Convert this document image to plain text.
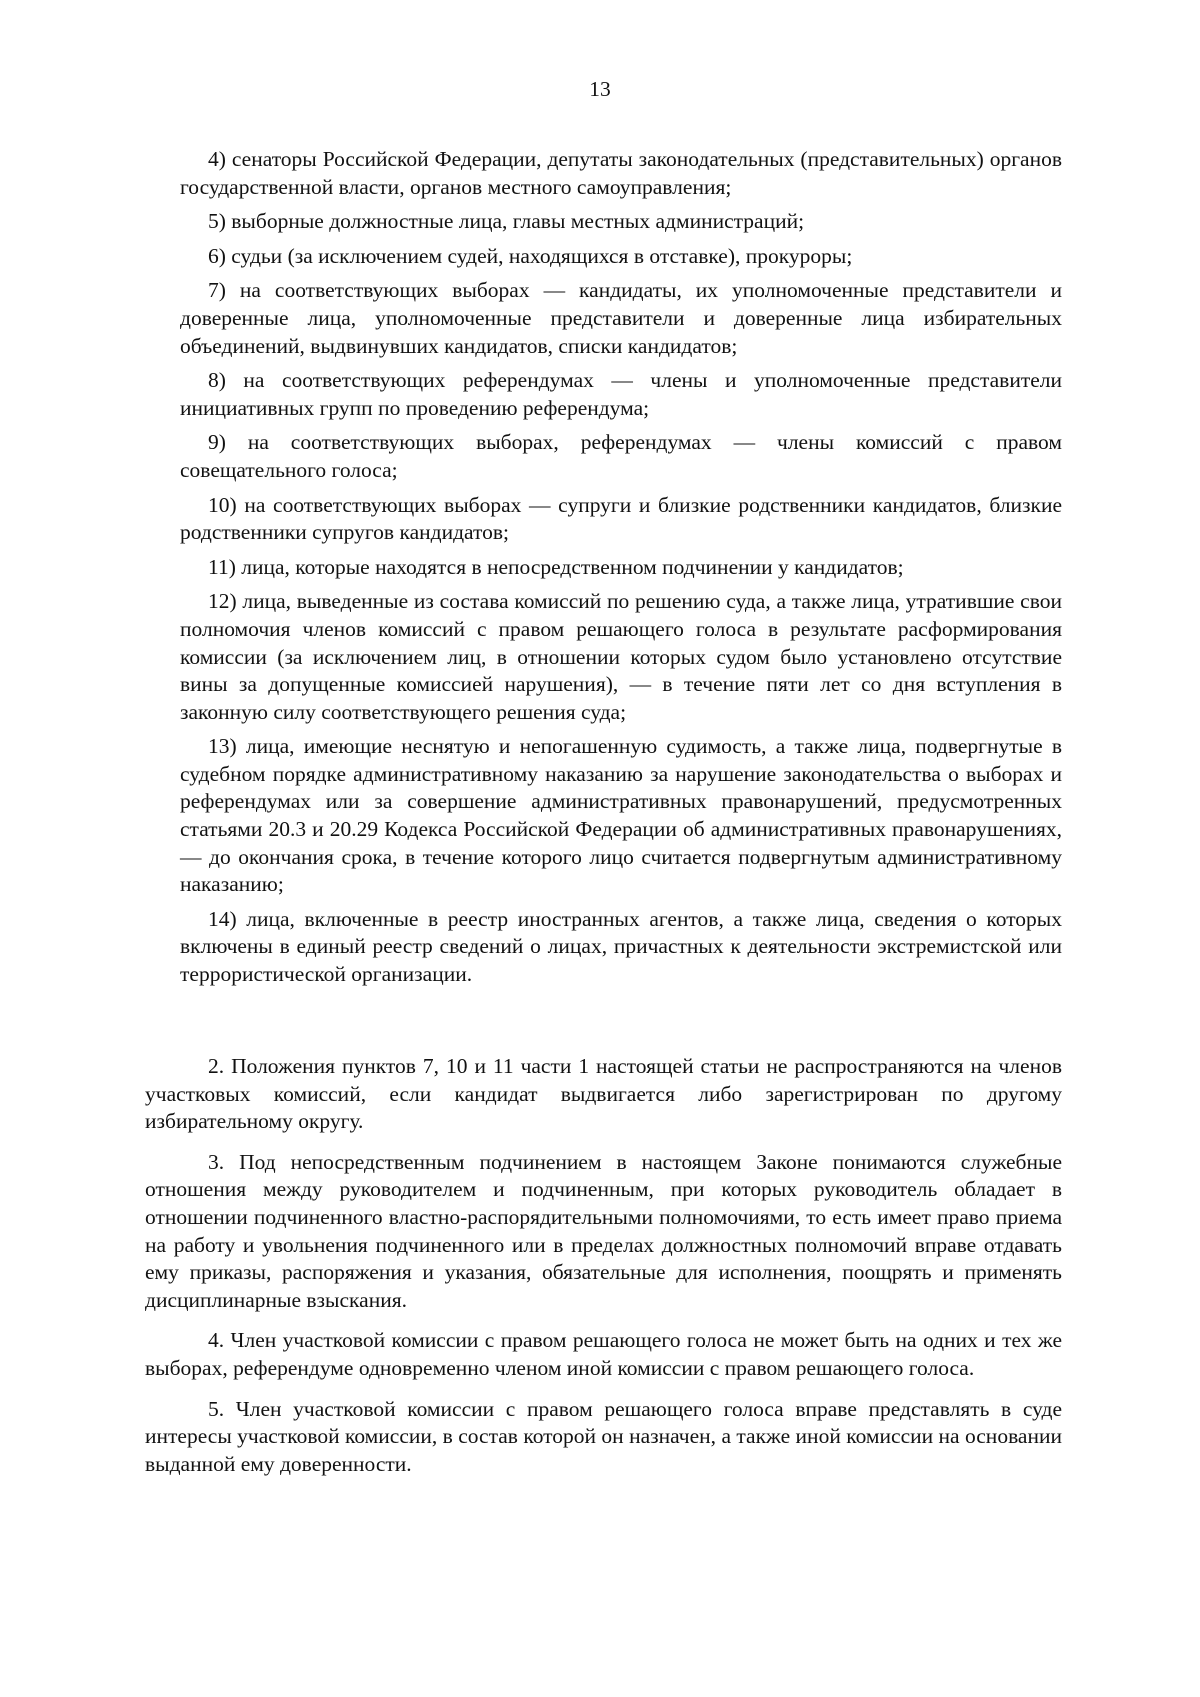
13

4) сенаторы Российской Федерации, депутаты законодательных (представительных) органов государственной власти, органов местного самоуправления;

5) выборные должностные лица, главы местных администраций;

6) судьи (за исключением судей, находящихся в отставке), прокуроры;

7) на соответствующих выборах — кандидаты, их уполномоченные представители и доверенные лица, уполномоченные представители и доверенные лица избирательных объединений, выдвинувших кандидатов, списки кандидатов;

8) на соответствующих референдумах — члены и уполномоченные представители инициативных групп по проведению референдума;

9) на соответствующих выборах, референдумах — члены комиссий с правом совещательного голоса;

10) на соответствующих выборах — супруги и близкие родственники кандидатов, близкие родственники супругов кандидатов;

11) лица, которые находятся в непосредственном подчинении у кандидатов;

12) лица, выведенные из состава комиссий по решению суда, а также лица, утратившие свои полномочия членов комиссий с правом решающего голоса в результате расформирования комиссии (за исключением лиц, в отношении которых судом было установлено отсутствие вины за допущенные комиссией нарушения), — в течение пяти лет со дня вступления в законную силу соответствующего решения суда;

13) лица, имеющие неснятую и непогашенную судимость, а также лица, подвергнутые в судебном порядке административному наказанию за нарушение законодательства о выборах и референдумах или за совершение административных правонарушений, предусмотренных статьями 20.3 и 20.29 Кодекса Российской Федерации об административных правонарушениях, — до окончания срока, в течение которого лицо считается подвергнутым административному наказанию;

14) лица, включенные в реестр иностранных агентов, а также лица, сведения о которых включены в единый реестр сведений о лицах, причастных к деятельности экстремистской или террористической организации.

2. Положения пунктов 7, 10 и 11 части 1 настоящей статьи не распространяются на членов участковых комиссий, если кандидат выдвигается либо зарегистрирован по другому избирательному округу.

3. Под непосредственным подчинением в настоящем Законе понимаются служебные отношения между руководителем и подчиненным, при которых руководитель обладает в отношении подчиненного властно-распорядительными полномочиями, то есть имеет право приема на работу и увольнения подчиненного или в пределах должностных полномочий вправе отдавать ему приказы, распоряжения и указания, обязательные для исполнения, поощрять и применять дисциплинарные взыскания.

4. Член участковой комиссии с правом решающего голоса не может быть на одних и тех же выборах, референдуме одновременно членом иной комиссии с правом решающего голоса.

5. Член участковой комиссии с правом решающего голоса вправе представлять в суде интересы участковой комиссии, в состав которой он назначен, а также иной комиссии на основании выданной ему доверенности.
